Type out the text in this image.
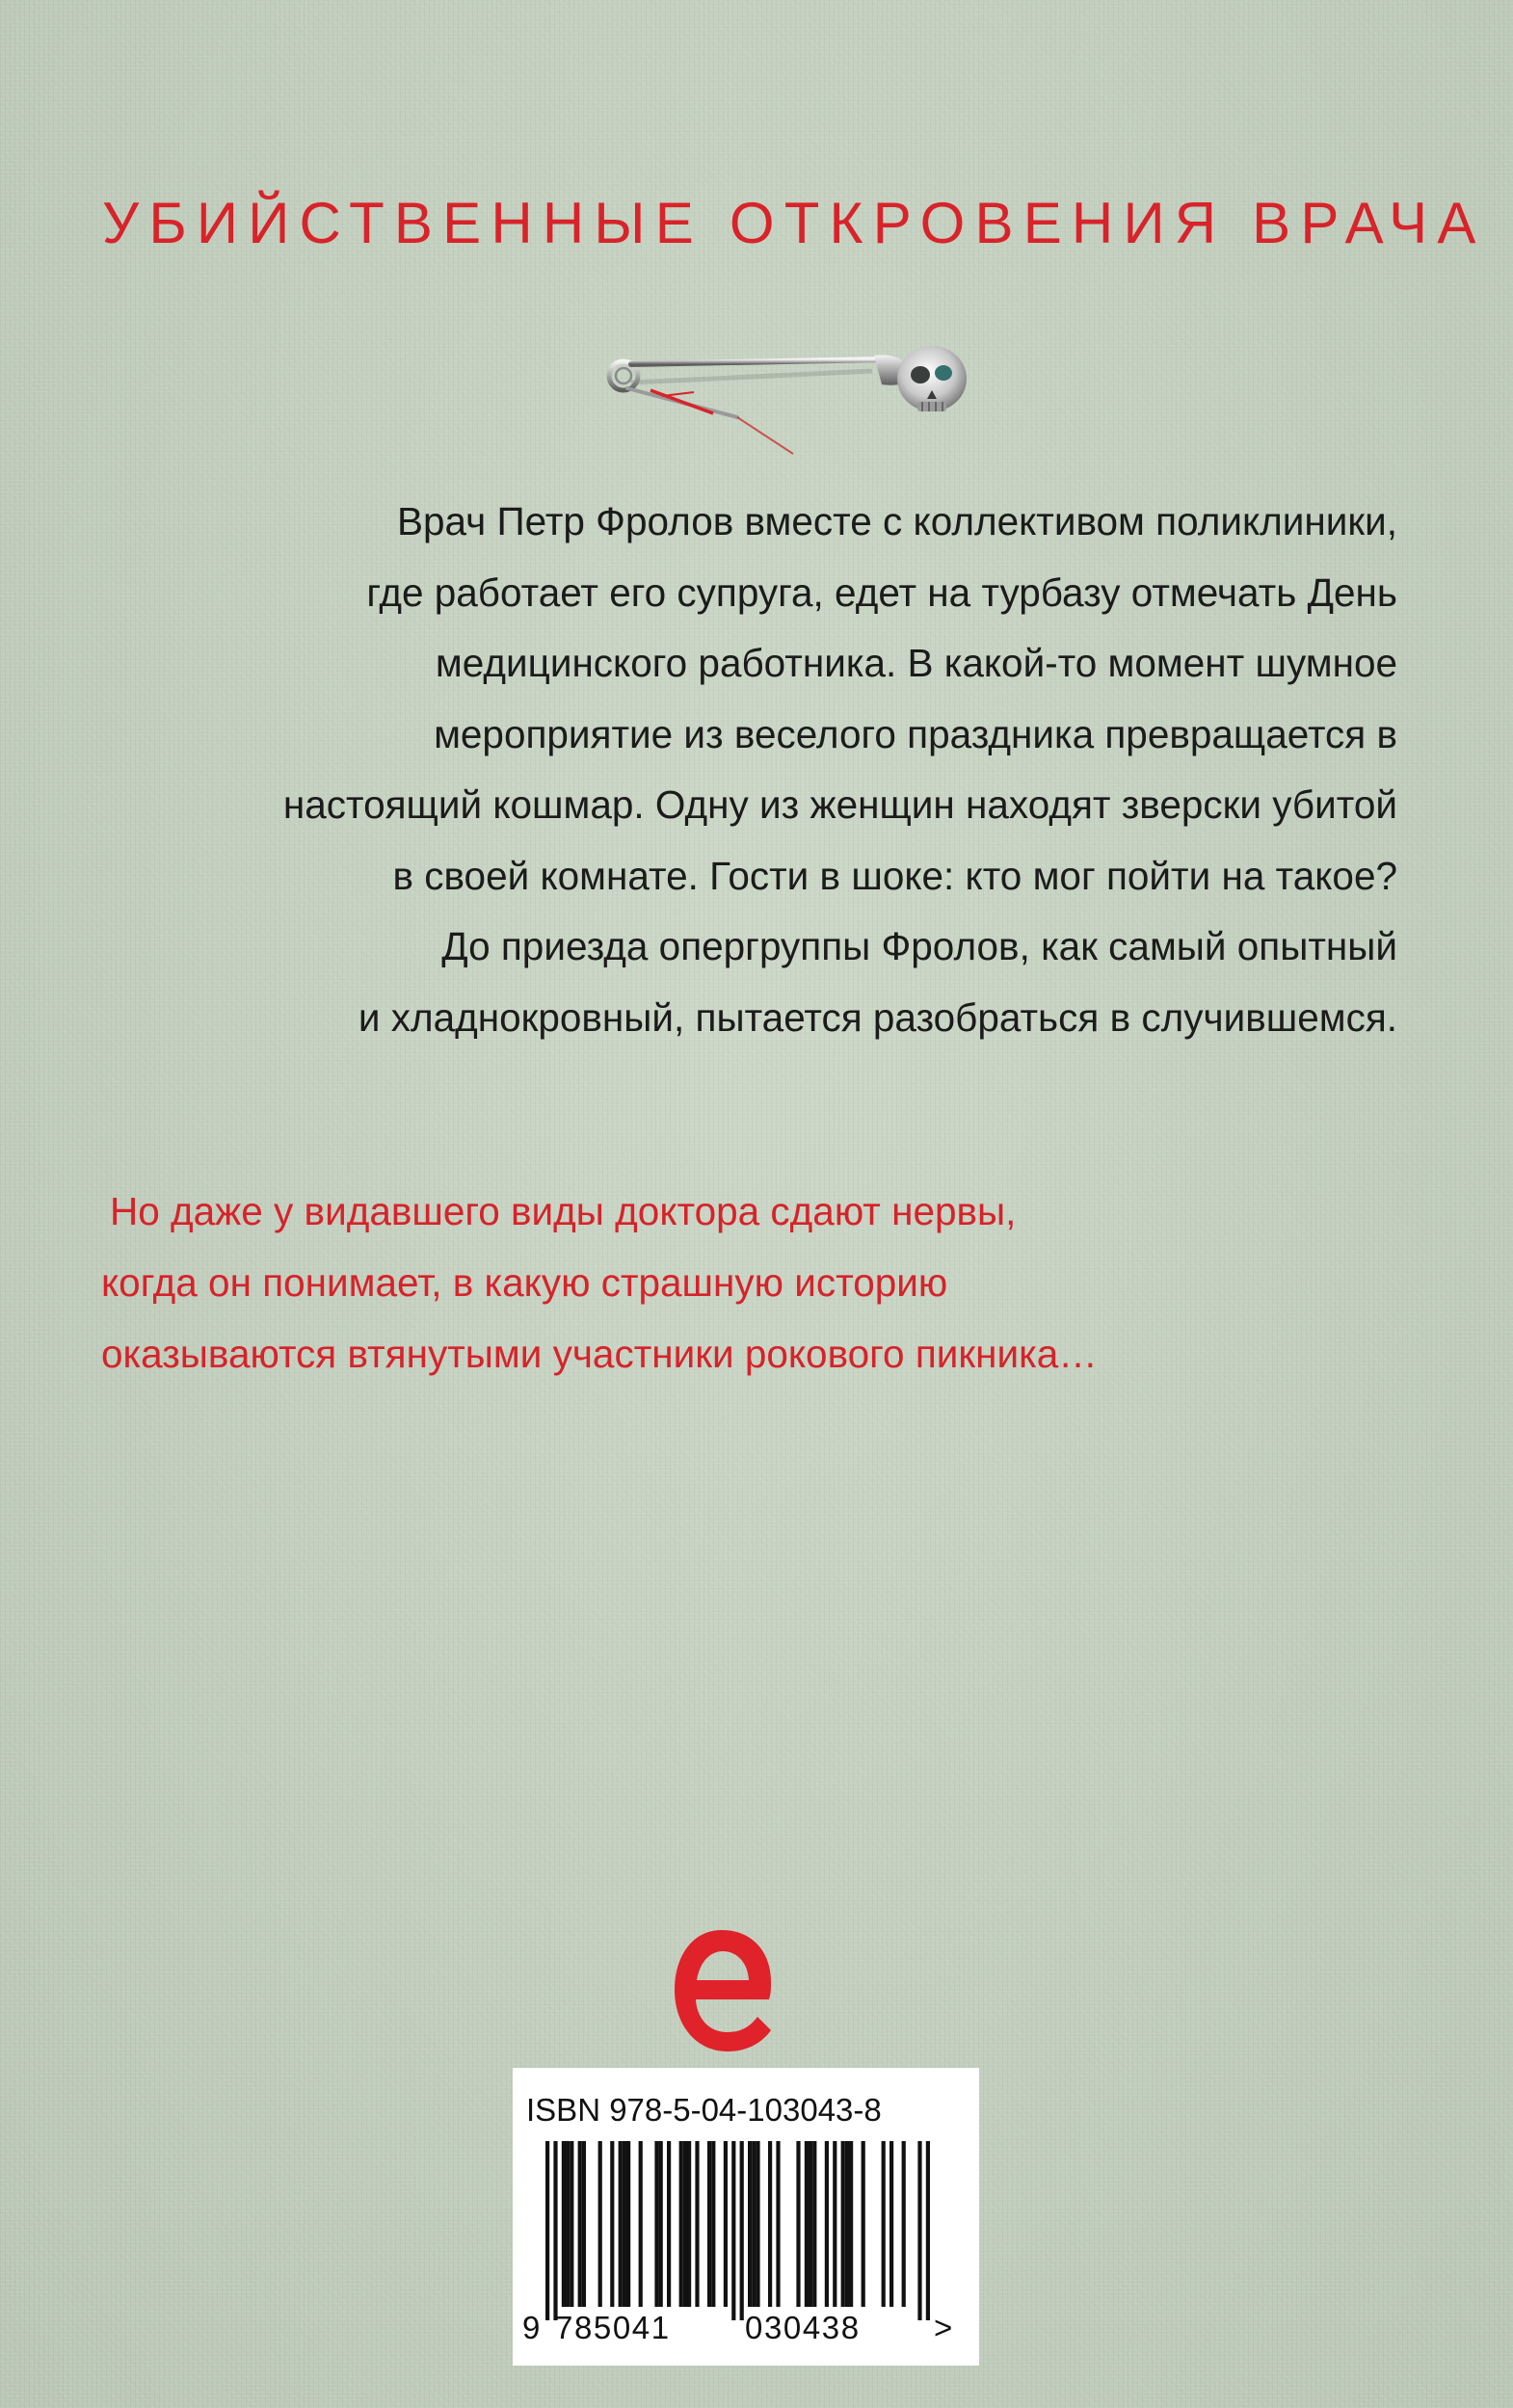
УБИЙСТВЕННЫЕ ОТКРОВЕНИЯ ВРАЧА
Врач Петр Фролов вместе с коллективом поликлиники,
где работает его супруга, едет на турбазу отмечать День
медицинского работника. В какой-то момент шумное
мероприятие из веселого праздника превращается в
настоящий кошмар. Одну из женщин находят зверски убитой
в своей комнате. Гости в шоке: кто мог пойти на такое?
До приезда опергруппы Фролов, как самый опытный
и хладнокровный, пытается разобраться в случившемся.
Но даже у видавшего виды доктора сдают нервы,
когда он понимает, в какую страшную историю
оказываются втянутыми участники рокового пикника…
ISBN 978-5-04-103043-8
9 785041 030438 >
